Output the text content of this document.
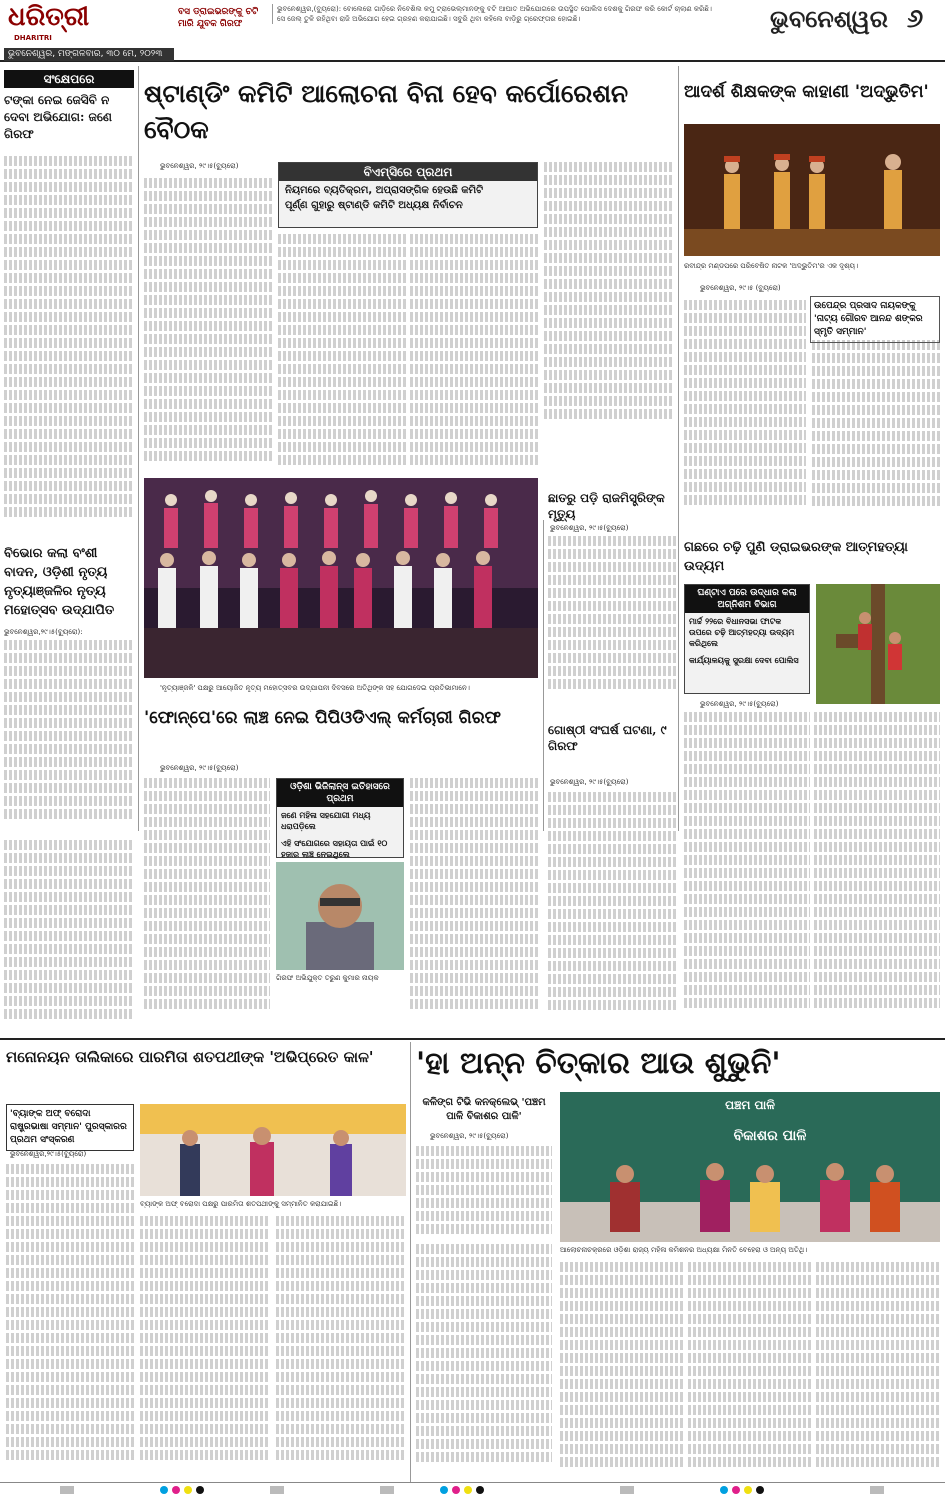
ଧରିତ୍ରୀ
DHARITRI
ଭୁବନେଶ୍ୱର, ମଙ୍ଗଳବାର, ୩୦ ମେ, ୨୦୨୩
ବସ ଡ୍ରାଇଭରଙ୍କୁ ଚଟି ମାରି ଯୁବକ ଗିରଫ
ଭୁବନେଶ୍ୱର,(ବ୍ୟୁରୋ): ବୋଲେରୋ ଗାଡ଼ିରେ ନିବେଶିଲ କମୁ ଟ୍ରାଭେଲ୍‌ମାନଙ୍କୁ ବଟି ଆଘାତ ଅଭିଯୋଗରେ ଉପସ୍ଥିତ ପୋଲିସ ଦେଶକୁ ଗିରଫ କରି କୋର୍ଟ ଚାଲାଣ କରିଛି। ସେ ଜେଲ୍ ତୁଳି ରହିଥିବା ରାଜି ଅଭିଯୋଗ ହେଇ ଗ୍ରହଣ କରାଯାଇଛି। ସବୁରି ଥିବା କହିଲେ ବାଡ଼ିରୁ ଗ୍ରେଫ୍ତାର ହୋଇଛି।	ଭୁବନେଶ୍ୱର ୬
ସଂକ୍ଷେପରେ
ଟଙ୍କା ନେଇ ଜେସିବି ନ ଦେବା ଅଭିଯୋଗ: ଜଣେ ଗିରଫ
ବିଭୋର କଲା ବଂଶୀ ବାଦନ, ଓଡ଼ିଶୀ ନୃତ୍ୟ ନୃତ୍ୟାଞ୍ଜଳିର ନୃତ୍ୟ ମହୋତ୍ସବ ଉଦ୍‌ଯାପିତ
ଭୁବନେଶ୍ୱର,୨୯।୫(ବ୍ୟୁରୋ):
ଷ୍ଟାଣ୍ଡିଂ କମିଟି ଆଲୋଚନା ବିନା ହେବ କର୍ପୋରେଶନ ବୈଠକ
ଭୁବନେଶ୍ୱର, ୨୯।୫(ବ୍ୟୁରୋ)	ବିଏମ୍‌ସିରେ ପ୍ରଥମ
ନିୟମରେ ବ୍ୟତିକ୍ରମ, ଅପ୍ରାସଙ୍ଗିକ ହେଉଛି କମିଟି
ପୂର୍ଣ୍ଣ ଗୁହାରୁ ଷ୍ଟାଣ୍ଡି କମିଟି ଅଧ୍ୟକ୍ଷ ନିର୍ବାଚନ
'ନୃତ୍ୟାଞ୍ଜଳି' ପକ୍ଷରୁ ଆୟୋଜିତ ନୃତ୍ୟ ମହୋତ୍ସବର ଉଦ୍‌ଯାପନୀ ଦିବସରେ ଅତିଥିଙ୍କ ସହ ଯୋଗଦେଇ ପ୍ରତିଭାମାନେ।
ଆଦର୍ଶ ଶିକ୍ଷକଙ୍କ କାହାଣୀ 'ଅଦ୍ଭୁତିମ'
ରବୀନ୍ଦ୍ର ମଣ୍ଡପରେ ପରିବେଷିତ ନାଟକ 'ଅଦ୍ଭୁତିମ'ର ଏକ ଦୃଶ୍ୟ।
ଭୁବନେଶ୍ୱର, ୨୯।୫ (ବ୍ୟୁରୋ)
ଉପେନ୍ଦ୍ର ପ୍ରସାଦ ନାୟକଙ୍କୁ 'ନାଟ୍ୟ ଗୌରବ ଆନନ୍ଦ ଶଙ୍କର ସ୍ମୃତି ସମ୍ମାନ'
ଛାତରୁ ପଡ଼ି ରାଜମିସ୍ତ୍ରିଙ୍କ ମୃତ୍ୟୁ
ଭୁବନେଶ୍ୱର, ୨୯।୫(ବ୍ୟୁରୋ)
ଗଛରେ ଚଢ଼ି ପୁଣି ଡ୍ରାଇଭରଙ୍କ ଆତ୍ମହତ୍ୟା ଉଦ୍ୟମ
ଘଣ୍ଟାଏ ପରେ ଉଦ୍ଧାର କଲା ଅଗ୍ନିଶମ ବିଭାଗ
ମାର୍ଚ୍ଚ ୨୨ରେ ବିଧାନସଭା ଫାଟକ ଉପରେ ଚଢ଼ି ଆତ୍ମହତ୍ୟା ଉଦ୍ୟମ କରିଥିଲେ
କାର୍ଯ୍ୟାଳୟକୁ ସୁରକ୍ଷା ଦେବା ପୋଲିସ
ଭୁବନେଶ୍ୱର, ୨୯।୫(ବ୍ୟୁରୋ)
ଗୋଷ୍ଠୀ ସଂଘର୍ଷ ଘଟଣା, ୯ ଗିରଫ
ଭୁବନେଶ୍ୱର, ୨୯।୫(ବ୍ୟୁରୋ)
'ଫୋନ୍‌ପେ'ରେ ଲାଞ୍ଚ ନେଇ ପିପିଓଡିଏଲ୍ କର୍ମଚାରୀ ଗିରଫ
ଭୁବନେଶ୍ୱର, ୨୯।୫(ବ୍ୟୁରୋ)
ଓଡ଼ିଶା ଭିଜିଲାନ୍ସ ଇତିହାସରେ ପ୍ରଥମ
ଜଣେ ମହିଳା ସହଯୋଗୀ ମଧ୍ୟ ଧରାପଡ଼ିଲେ
ଏହି ସଂଯୋଗରେ ସହାୟତା ପାଇଁ ୧୦ ହଜାର ଲାଞ୍ଚ ନେଇଥିଲେ
ଗିରଫ ଅଭିଯୁକ୍ତ ତରୁଣ କୁମାର ନାୟକ
ମନୋନୟନ ତାଲିକାରେ ପାରମିତା ଶତପଥୀଙ୍କ 'ଅଭିପ୍ରେତ କାଳ'
'ବ୍ୟାଙ୍କ ଅଫ୍ ବରୋଦା ରାଷ୍ଟ୍ରଭାଷା ସମ୍ମାନ' ପୁରସ୍କାରର ପ୍ରଥମ ସଂସ୍କରଣ
ଭୁବନେଶ୍ୱର,୨୯।୫(ବ୍ୟୁରୋ)
ବ୍ୟାଙ୍କ ଅଫ୍ ବରୋଦା ପକ୍ଷରୁ ପାରମିତା ଶତପଥୀଙ୍କୁ ସମ୍ମାନିତ କରାଯାଇଛି।
'ହା ଅନ୍ନ ଚିତ୍କାର ଆଉ ଶୁଭୁନି'
କଳିଙ୍ଗ ଟିଭି କନକ୍ଲେଭ୍ 'ପଞ୍ଚମ ପାଳି ବିକାଶର ପାଳି'
ଭୁବନେଶ୍ୱର, ୨୯।୫(ବ୍ୟୁରୋ)
ପଞ୍ଚମ ପାଳି
ବିକାଶର ପାଳି
ଆଲୋଚନାଚକ୍ରରେ ଓଡ଼ିଶା ରାଜ୍ୟ ମହିଳା କମିଶନର ଅଧ୍ୟକ୍ଷା ମିନତି ବେହେରା ଓ ଅନ୍ୟ ଅତିଥି।
